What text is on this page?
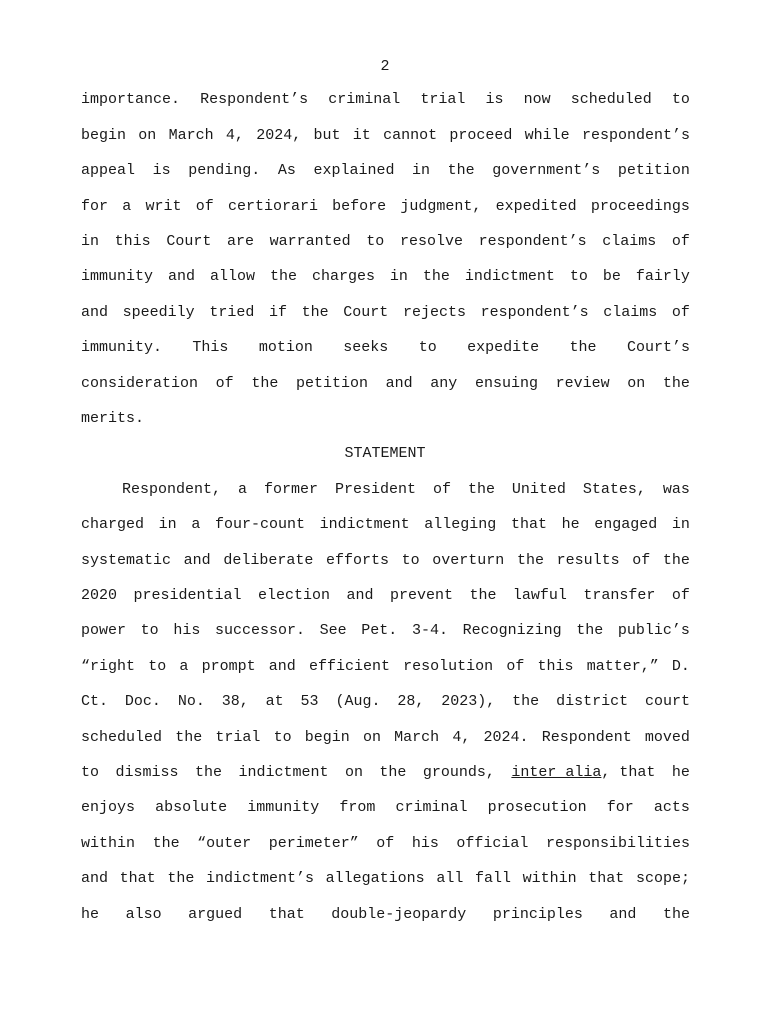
2
importance. Respondent’s criminal trial is now scheduled to
begin on March 4, 2024, but it cannot proceed while respondent’s
appeal is pending. As explained in the government’s petition
for a writ of certiorari before judgment, expedited proceedings
in this Court are warranted to resolve respondent’s claims of
immunity and allow the charges in the indictment to be fairly
and speedily tried if the Court rejects respondent’s claims of
immunity. This motion seeks to expedite the Court’s
consideration of the petition and any ensuing review on the
merits.
STATEMENT
Respondent, a former President of the United States, was
charged in a four-count indictment alleging that he engaged in
systematic and deliberate efforts to overturn the results of the
2020 presidential election and prevent the lawful transfer of
power to his successor. See Pet. 3-4. Recognizing the public’s
“right to a prompt and efficient resolution of this matter,” D.
Ct. Doc. No. 38, at 53 (Aug. 28, 2023), the district court
scheduled the trial to begin on March 4, 2024. Respondent moved
to dismiss the indictment on the grounds, inter alia, that he
enjoys absolute immunity from criminal prosecution for acts
within the “outer perimeter” of his official responsibilities
and that the indictment’s allegations all fall within that scope;
he also argued that double-jeopardy principles and the
